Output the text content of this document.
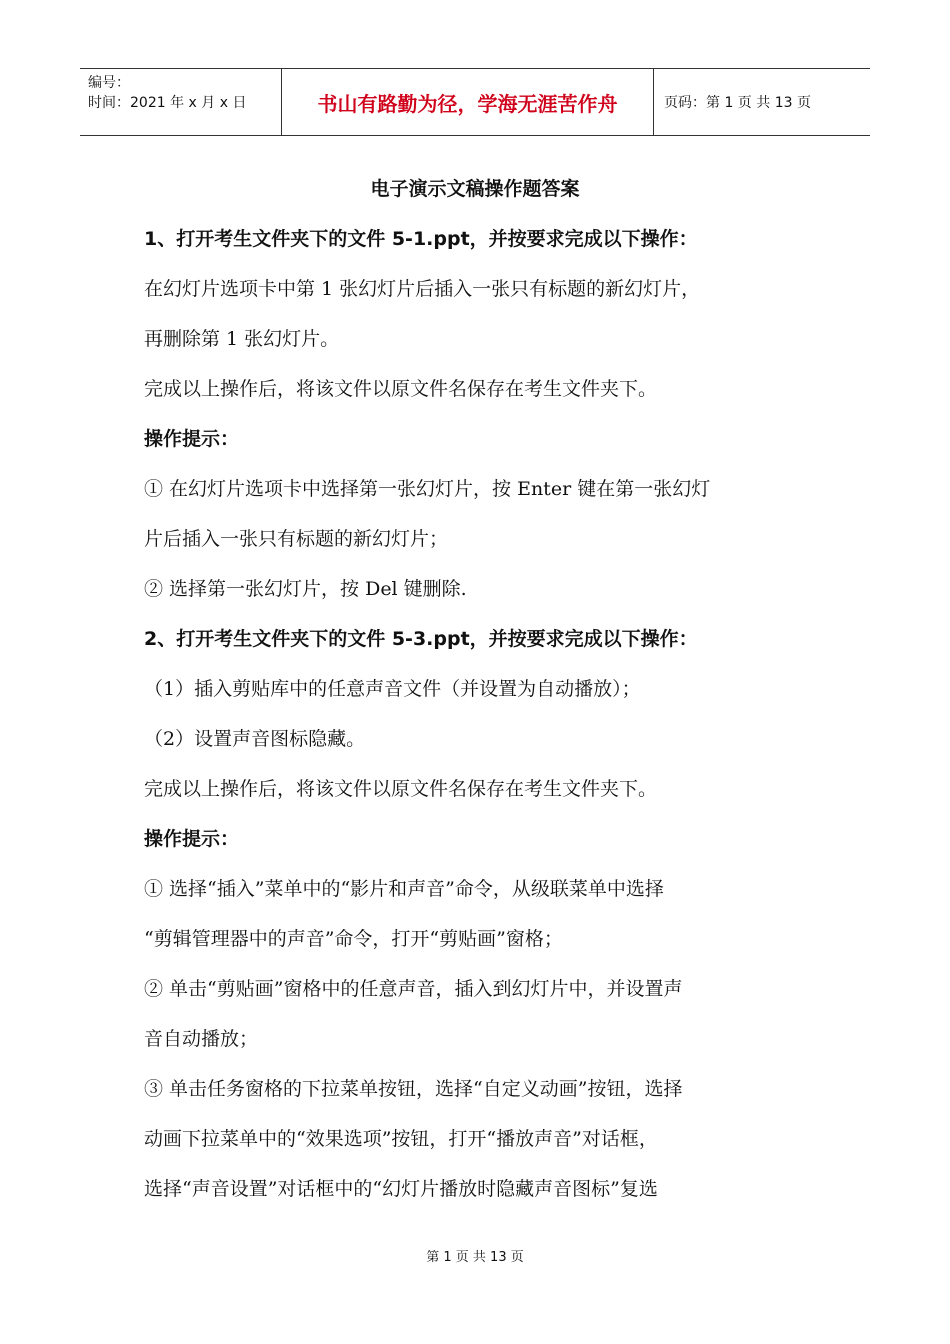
编号：
时间：2021 年 x 月 x 日	书山有路勤为径，学海无涯苦作舟	页码：第 1 页 共 13 页
电子演示文稿操作题答案
1、打开考生文件夹下的文件 5-1.ppt，并按要求完成以下操作：
在幻灯片选项卡中第 1 张幻灯片后插入一张只有标题的新幻灯片，
再删除第 1 张幻灯片。
完成以上操作后，将该文件以原文件名保存在考生文件夹下。
操作提示：
① 在幻灯片选项卡中选择第一张幻灯片，按 Enter 键在第一张幻灯
片后插入一张只有标题的新幻灯片；
② 选择第一张幻灯片，按 Del 键删除.
2、打开考生文件夹下的文件 5-3.ppt，并按要求完成以下操作：
（1）插入剪贴库中的任意声音文件（并设置为自动播放）；
（2）设置声音图标隐藏。
完成以上操作后，将该文件以原文件名保存在考生文件夹下。
操作提示：
① 选择“插入”菜单中的“影片和声音”命令，从级联菜单中选择
“剪辑管理器中的声音”命令，打开“剪贴画”窗格；
② 单击“剪贴画”窗格中的任意声音，插入到幻灯片中，并设置声
音自动播放；
③ 单击任务窗格的下拉菜单按钮，选择“自定义动画”按钮，选择
动画下拉菜单中的“效果选项”按钮，打开“播放声音”对话框，
选择“声音设置”对话框中的“幻灯片播放时隐藏声音图标”复选
第 1 页 共 13 页
